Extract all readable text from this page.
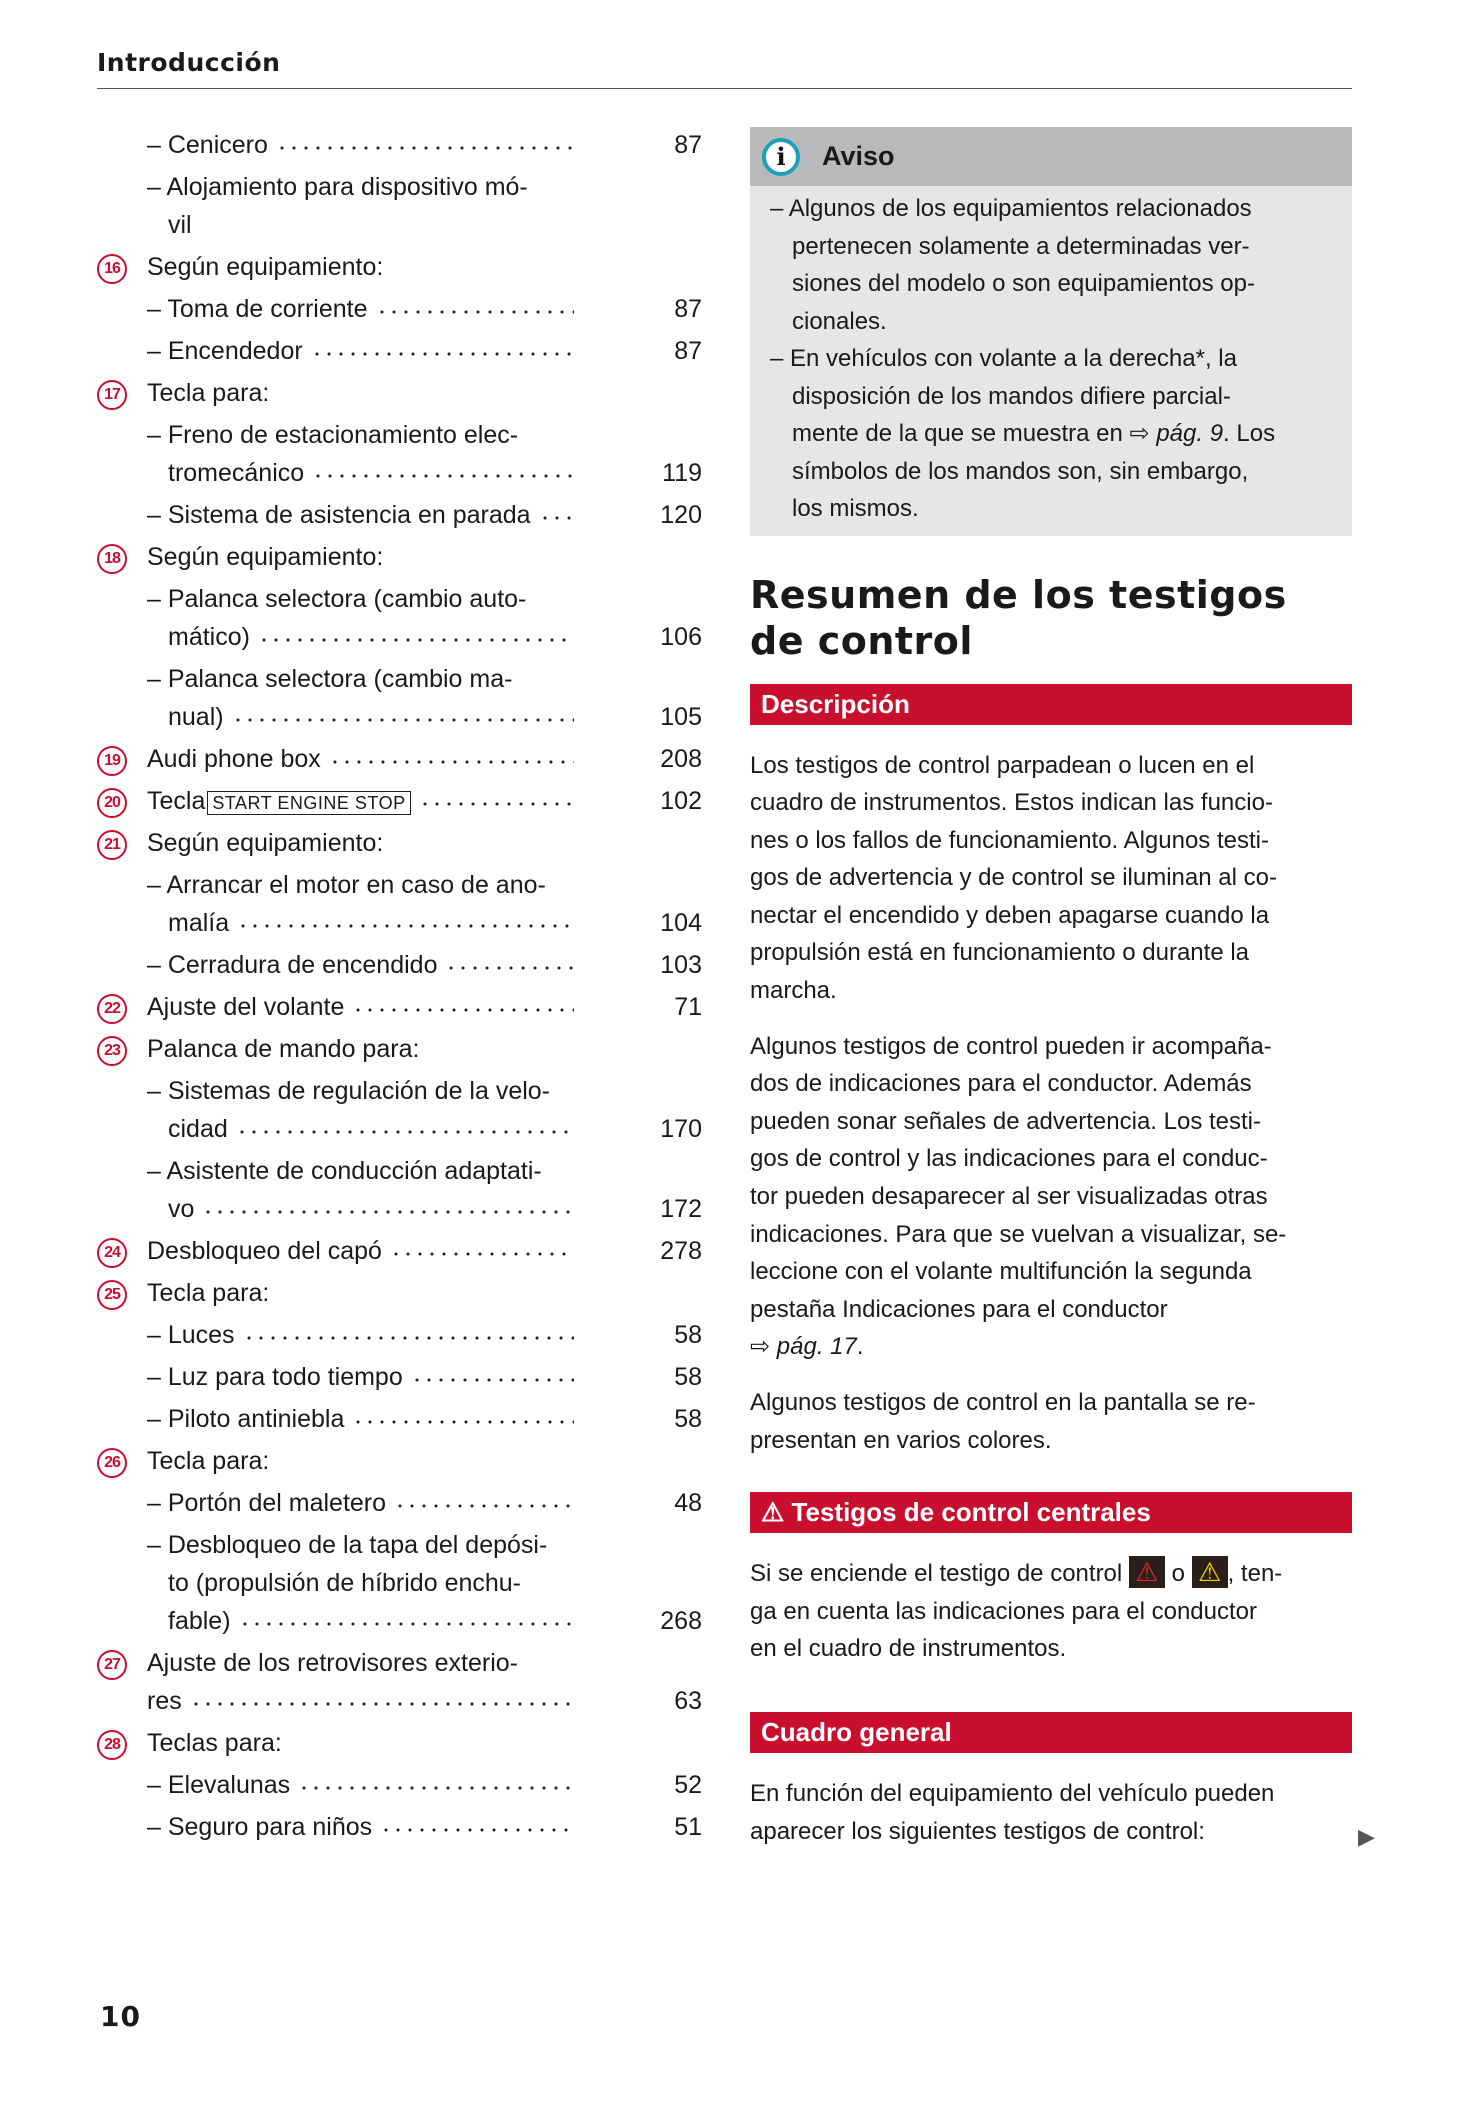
Introducción
– Cenicero	87
– Alojamiento para dispositivo mó-
vil
16 Según equipamiento:
– Toma de corriente	87
– Encendedor	87
17 Tecla para:
– Freno de estacionamiento elec-
tromecánico	119
– Sistema de asistencia en parada	120
18 Según equipamiento:
– Palanca selectora (cambio auto-
mático)	106
– Palanca selectora (cambio ma-
nual)	105
19 Audi phone box	208
20 Tecla START ENGINE STOP	102
21 Según equipamiento:
– Arrancar el motor en caso de ano-
malía	104
– Cerradura de encendido	103
22 Ajuste del volante	71
23 Palanca de mando para:
– Sistemas de regulación de la velo-
cidad	170
– Asistente de conducción adaptati-
vo	172
24 Desbloqueo del capó	278
25 Tecla para:
– Luces	58
– Luz para todo tiempo	58
– Piloto antiniebla	58
26 Tecla para:
– Portón del maletero	48
– Desbloqueo de la tapa del depósi-
to (propulsión de híbrido enchu-
fable)	268
27	Ajuste de los retrovisores exterio-
res	63
28 Teclas para:
– Elevalunas	52
– Seguro para niños	51
i	Aviso
– Algunos de los equipamientos relacionados
pertenecen solamente a determinadas ver-
siones del modelo o son equipamientos op-
cionales.
– En vehículos con volante a la derecha*, la
disposición de los mandos difiere parcial-
mente de la que se muestra en ⇨ pág. 9. Los
símbolos de los mandos son, sin embargo,
los mismos.
Resumen de los testigos
de control
Descripción
Los testigos de control parpadean o lucen en el
cuadro de instrumentos. Estos indican las funcio-
nes o los fallos de funcionamiento. Algunos testi-
gos de advertencia y de control se iluminan al co-
nectar el encendido y deben apagarse cuando la
propulsión está en funcionamiento o durante la
marcha.
Algunos testigos de control pueden ir acompaña-
dos de indicaciones para el conductor. Además
pueden sonar señales de advertencia. Los testi-
gos de control y las indicaciones para el conduc-
tor pueden desaparecer al ser visualizadas otras
indicaciones. Para que se vuelvan a visualizar, se-
leccione con el volante multifunción la segunda
pestaña Indicaciones para el conductor
⇨ pág. 17.
Algunos testigos de control en la pantalla se re-
presentan en varios colores.
⚠ Testigos de control centrales
Si se enciende el testigo de control ⚠ o ⚠ , ten-
ga en cuenta las indicaciones para el conductor
en el cuadro de instrumentos.
Cuadro general
En función del equipamiento del vehículo pueden
aparecer los siguientes testigos de control:	▶
10
